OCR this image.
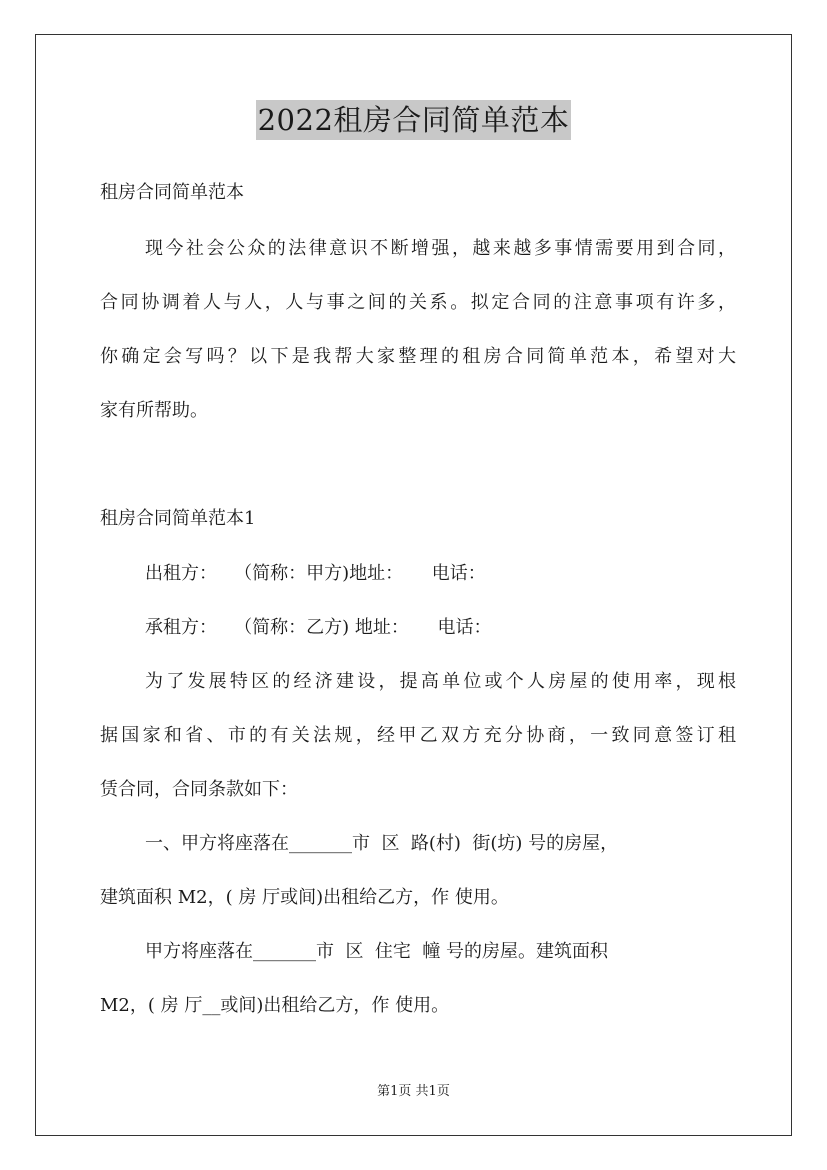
2022租房合同简单范本
租房合同简单范本
现今社会公众的法律意识不断增强，越来越多事情需要用到合同，
合同协调着人与人，人与事之间的关系。拟定合同的注意事项有许多，
你确定会写吗？以下是我帮大家整理的租房合同简单范本，希望对大
家有所帮助。
租房合同简单范本1
出租方：   （简称：甲方)地址：     电话：
承租方：   （简称：乙方) 地址：     电话：
为了发展特区的经济建设，提高单位或个人房屋的使用率，现根
据国家和省、市的有关法规，经甲乙双方充分协商，一致同意签订租
赁合同，合同条款如下：
一、甲方将座落在_______市  区  路(村)  街(坊) 号的房屋，
建筑面积 M2，( 房 厅或间)出租给乙方，作 使用。
甲方将座落在_______市  区  住宅  幢 号的房屋。建筑面积
M2，( 房 厅__或间)出租给乙方，作 使用。
第1页 共1页
